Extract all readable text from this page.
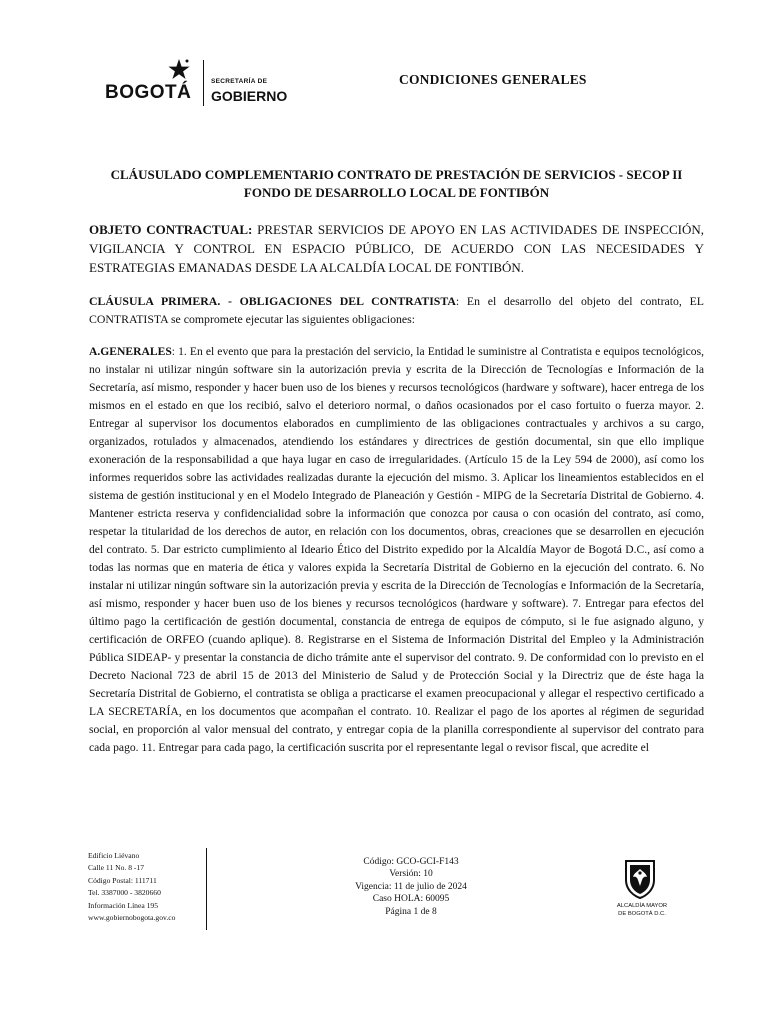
BOGOTÁ
SECRETARÍA DE
GOBIERNO
CONDICIONES GENERALES
CLÁUSULADO COMPLEMENTARIO CONTRATO DE PRESTACIÓN DE SERVICIOS - SECOP II
FONDO DE DESARROLLO LOCAL DE FONTIBÓN

OBJETO CONTRACTUAL: PRESTAR SERVICIOS DE APOYO EN LAS ACTIVIDADES DE INSPECCIÓN, VIGILANCIA Y CONTROL EN ESPACIO PÚBLICO, DE ACUERDO CON LAS NECESIDADES Y ESTRATEGIAS EMANADAS DESDE LA ALCALDÍA LOCAL DE FONTIBÓN.

CLÁUSULA PRIMERA. - OBLIGACIONES DEL CONTRATISTA: En el desarrollo del objeto del contrato, EL CONTRATISTA se compromete ejecutar las siguientes obligaciones:

A.GENERALES: 1. En el evento que para la prestación del servicio, la Entidad le suministre al Contratista e equipos tecnológicos, no instalar ni utilizar ningún software sin la autorización previa y escrita de la Dirección de Tecnologías e Información de la Secretaría, así mismo, responder y hacer buen uso de los bienes y recursos tecnológicos (hardware y software), hacer entrega de los mismos en el estado en que los recibió, salvo el deterioro normal, o daños ocasionados por el caso fortuito o fuerza mayor. 2. Entregar al supervisor los documentos elaborados en cumplimiento de las obligaciones contractuales y archivos a su cargo, organizados, rotulados y almacenados, atendiendo los estándares y directrices de gestión documental, sin que ello implique exoneración de la responsabilidad a que haya lugar en caso de irregularidades. (Artículo 15 de la Ley 594 de 2000), así como los informes requeridos sobre las actividades realizadas durante la ejecución del mismo. 3. Aplicar los lineamientos establecidos en el sistema de gestión institucional y en el Modelo Integrado de Planeación y Gestión - MIPG de la Secretaría Distrital de Gobierno. 4. Mantener estricta reserva y confidencialidad sobre la información que conozca por causa o con ocasión del contrato, así como, respetar la titularidad de los derechos de autor, en relación con los documentos, obras, creaciones que se desarrollen en ejecución del contrato. 5. Dar estricto cumplimiento al Ideario Ético del Distrito expedido por la Alcaldía Mayor de Bogotá D.C., así como a todas las normas que en materia de ética y valores expida la Secretaría Distrital de Gobierno en la ejecución del contrato. 6. No instalar ni utilizar ningún software sin la autorización previa y escrita de la Dirección de Tecnologías e Información de la Secretaría, así mismo, responder y hacer buen uso de los bienes y recursos tecnológicos (hardware y software). 7. Entregar para efectos del último pago la certificación de gestión documental, constancia de entrega de equipos de cómputo, si le fue asignado alguno, y certificación de ORFEO (cuando aplique). 8. Registrarse en el Sistema de Información Distrital del Empleo y la Administración Pública SIDEAP- y presentar la constancia de dicho trámite ante el supervisor del contrato. 9. De conformidad con lo previsto en el Decreto Nacional 723 de abril 15 de 2013 del Ministerio de Salud y de Protección Social y la Directriz que de éste haga la Secretaría Distrital de Gobierno, el contratista se obliga a practicarse el examen preocupacional y allegar el respectivo certificado a LA SECRETARÍA, en los documentos que acompañan el contrato. 10. Realizar el pago de los aportes al régimen de seguridad social, en proporción al valor mensual del contrato, y entregar copia de la planilla correspondiente al supervisor del contrato para cada pago. 11. Entregar para cada pago, la certificación suscrita por el representante legal o revisor fiscal, que acredite el

Edificio Liévano
Calle 11 No. 8 -17
Código Postal: 111711
Tel. 3387000 - 3820660
Información Línea 195
www.gobiernobogota.gov.co
Código: GCO-GCI-F143
Versión: 10
Vigencia: 11 de julio de 2024
Caso HOLA: 60095
Página 1 de 8
ALCALDÍA MAYOR
DE BOGOTÁ D.C.
